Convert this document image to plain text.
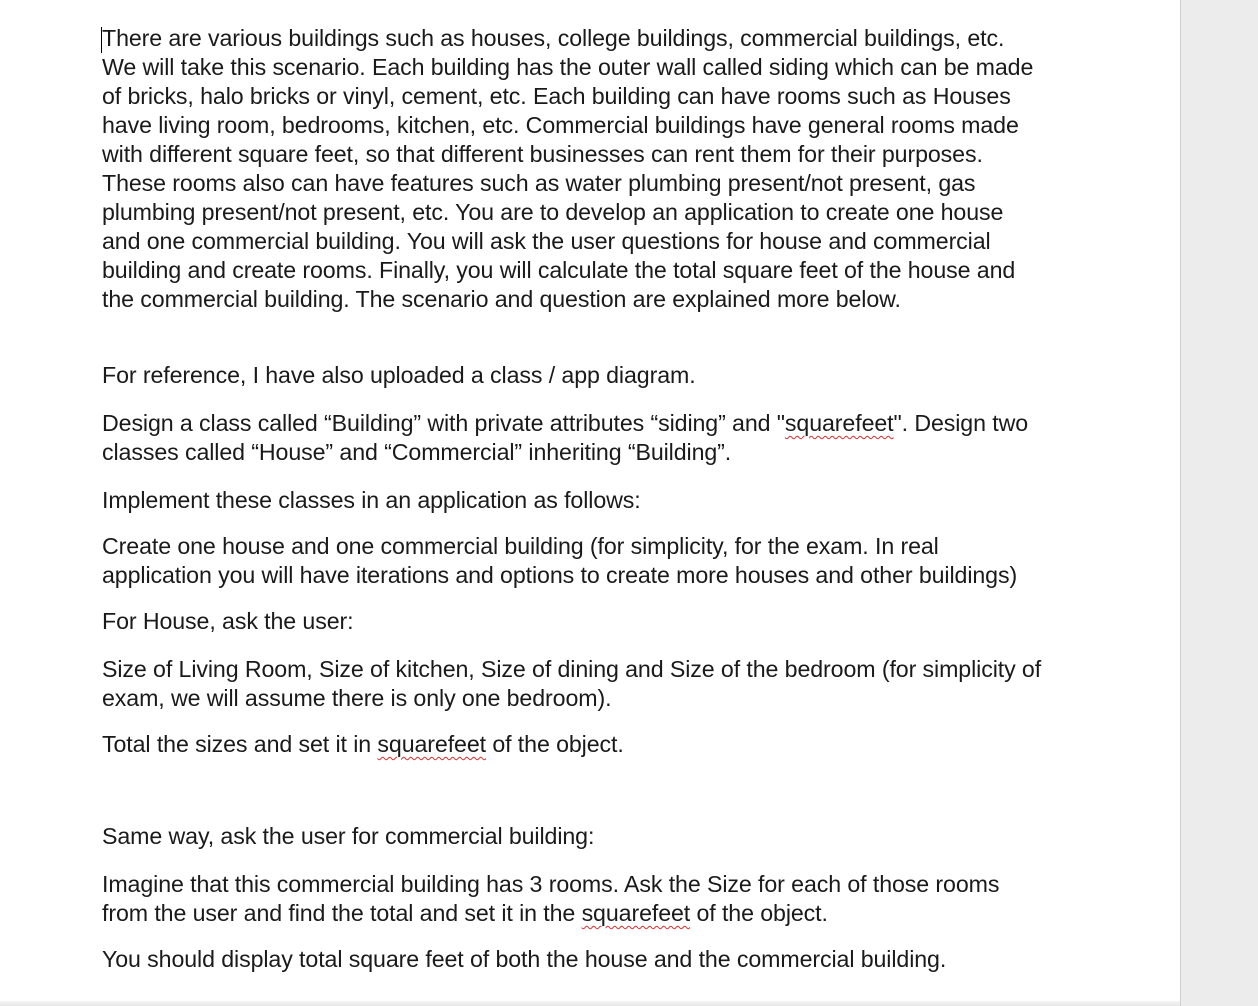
There are various buildings such as houses, college buildings, commercial buildings, etc. We will take this scenario. Each building has the outer wall called siding which can be made of bricks, halo bricks or vinyl, cement, etc. Each building can have rooms such as Houses have living room, bedrooms, kitchen, etc. Commercial buildings have general rooms made with different square feet, so that different businesses can rent them for their purposes. These rooms also can have features such as water plumbing present/not present, gas plumbing present/not present, etc. You are to develop an application to create one house and one commercial building. You will ask the user questions for house and commercial building and create rooms. Finally, you will calculate the total square feet of the house and the commercial building. The scenario and question are explained more below.

For reference, I have also uploaded a class / app diagram.

Design a class called “Building” with private attributes “siding” and "squarefeet". Design two classes called “House” and “Commercial” inheriting “Building”.

Implement these classes in an application as follows:

Create one house and one commercial building (for simplicity, for the exam. In real application you will have iterations and options to create more houses and other buildings)

For House, ask the user:

Size of Living Room, Size of kitchen, Size of dining and Size of the bedroom (for simplicity of exam, we will assume there is only one bedroom).

Total the sizes and set it in squarefeet of the object.

Same way, ask the user for commercial building:

Imagine that this commercial building has 3 rooms. Ask the Size for each of those rooms from the user and find the total and set it in the squarefeet of the object.

You should display total square feet of both the house and the commercial building.
